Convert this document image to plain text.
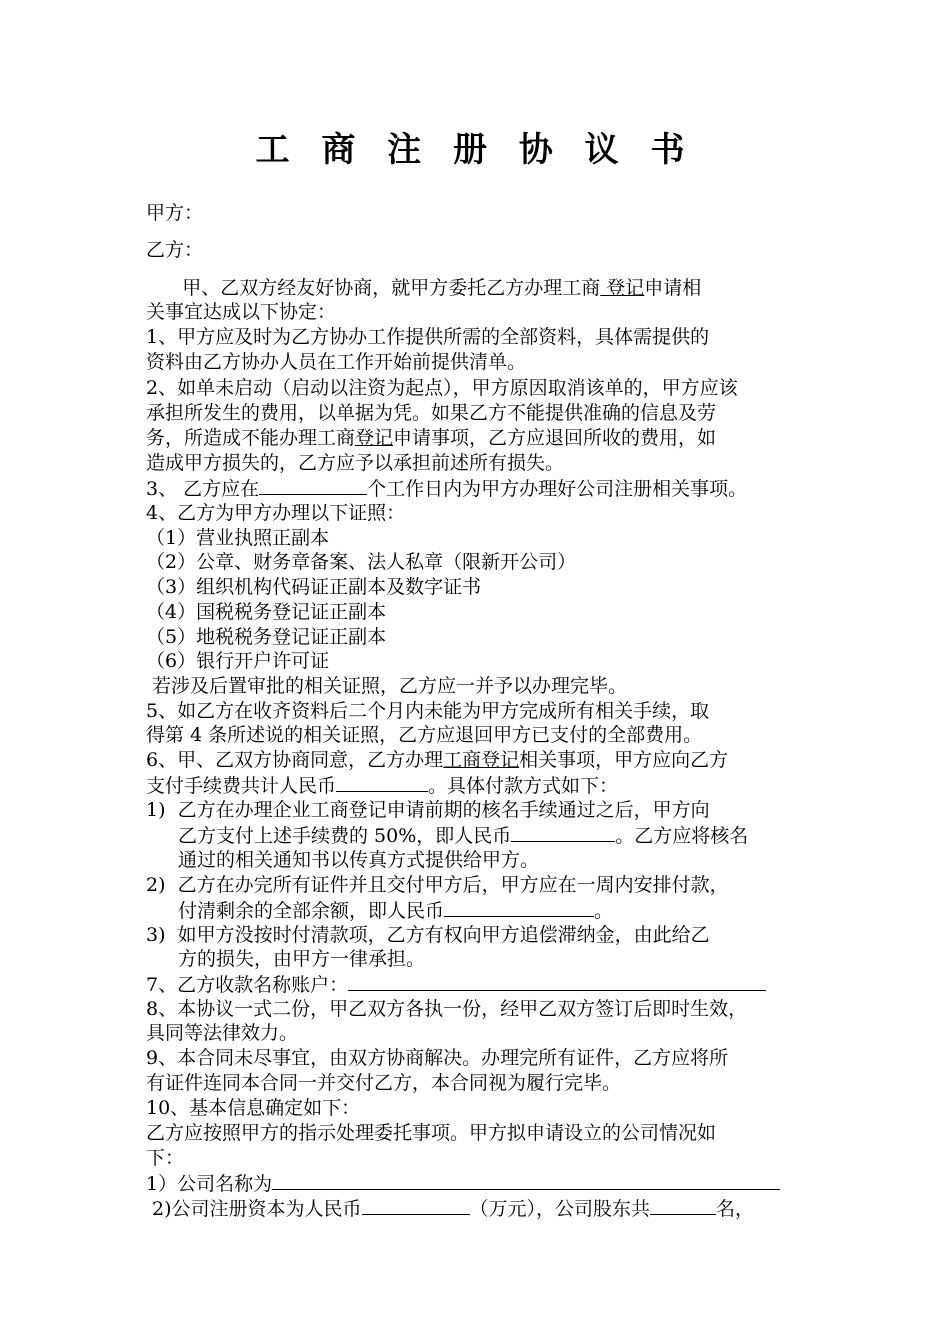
工 商 注 册 协 议 书
甲方：
乙方：
甲、乙双方经友好协商，就甲方委托乙方办理工商 登记申请相
关事宜达成以下协定：
1、甲方应及时为乙方协办工作提供所需的全部资料，具体需提供的
资料由乙方协办人员在工作开始前提供清单。
2、如单未启动（启动以注资为起点），甲方原因取消该单的，甲方应该
承担所发生的费用，以单据为凭。如果乙方不能提供准确的信息及劳
务，所造成不能办理工商登记申请事项，乙方应退回所收的费用，如
造成甲方损失的，乙方应予以承担前述所有损失。
3、 乙方应在	个工作日内为甲方办理好公司注册相关事项。
4、乙方为甲方办理以下证照：
（1）营业执照正副本
（2）公章、财务章备案、法人私章（限新开公司）
（3）组织机构代码证正副本及数字证书
（4）国税税务登记证正副本
（5）地税税务登记证正副本
（6）银行开户许可证
若涉及后置审批的相关证照，乙方应一并予以办理完毕。
5、如乙方在收齐资料后二个月内未能为甲方完成所有相关手续，取
得第 4 条所述说的相关证照，乙方应退回甲方已支付的全部费用。
6、甲、乙双方协商同意，乙方办理工商登记相关事项，甲方应向乙方
支付手续费共计人民币	。具体付款方式如下：
1)  乙方在办理企业工商登记申请前期的核名手续通过之后，甲方向
乙方支付上述手续费的 50%，即人民币	。乙方应将核名
通过的相关通知书以传真方式提供给甲方。
2)  乙方在办完所有证件并且交付甲方后，甲方应在一周内安排付款，
付清剩余的全部余额，即人民币	。
3)  如甲方没按时付清款项，乙方有权向甲方追偿滞纳金，由此给乙
方的损失，由甲方一律承担。
7、乙方收款名称账户：
8、本协议一式二份，甲乙双方各执一份，经甲乙双方签订后即时生效，
具同等法律效力。
9、本合同未尽事宜，由双方协商解决。办理完所有证件，乙方应将所
有证件连同本合同一并交付乙方，本合同视为履行完毕。
10、基本信息确定如下：
乙方应按照甲方的指示处理委托事项。甲方拟申请设立的公司情况如
下：
1）公司名称为
2)公司注册资本为人民币	（万元），公司股东共	名，
